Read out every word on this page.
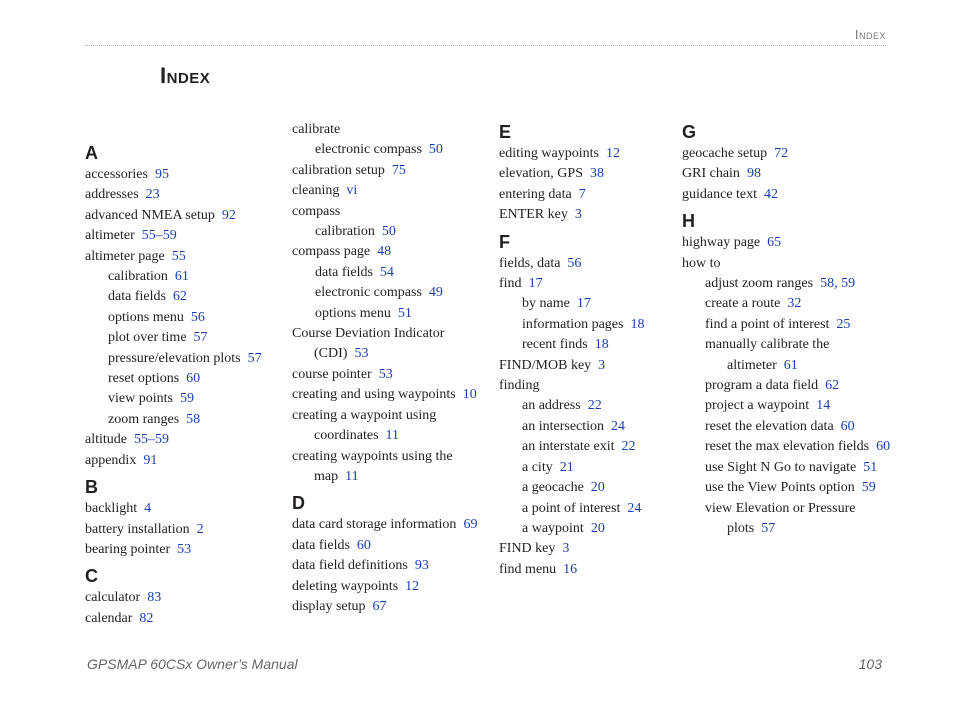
Index
Index
A
accessories 95
addresses 23
advanced NMEA setup 92
altimeter 55–59
altimeter page 55
calibration 61
data fields 62
options menu 56
plot over time 57
pressure/elevation plots 57
reset options 60
view points 59
zoom ranges 58
altitude 55–59
appendix 91
B
backlight 4
battery installation 2
bearing pointer 53
C
calculator 83
calendar 82
calibrate
electronic compass 50
calibration setup 75
cleaning vi
compass
calibration 50
compass page 48
data fields 54
electronic compass 49
options menu 51
Course Deviation Indicator (CDI) 53
course pointer 53
creating and using waypoints 10
creating a waypoint using coordinates 11
creating waypoints using the map 11
D
data card storage information 69
data fields 60
data field definitions 93
deleting waypoints 12
display setup 67
E
editing waypoints 12
elevation, GPS 38
entering data 7
ENTER key 3
F
fields, data 56
find 17
by name 17
information pages 18
recent finds 18
FIND/MOB key 3
finding
an address 22
an intersection 24
an interstate exit 22
a city 21
a geocache 20
a point of interest 24
a waypoint 20
FIND key 3
find menu 16
G
geocache setup 72
GRI chain 98
guidance text 42
H
highway page 65
how to
adjust zoom ranges 58, 59
create a route 32
find a point of interest 25
manually calibrate the altimeter 61
program a data field 62
project a waypoint 14
reset the elevation data 60
reset the max elevation fields 60
use Sight N Go to navigate 51
use the View Points option 59
view Elevation or Pressure plots 57
GPSMAP 60CSx Owner’s Manual	103
